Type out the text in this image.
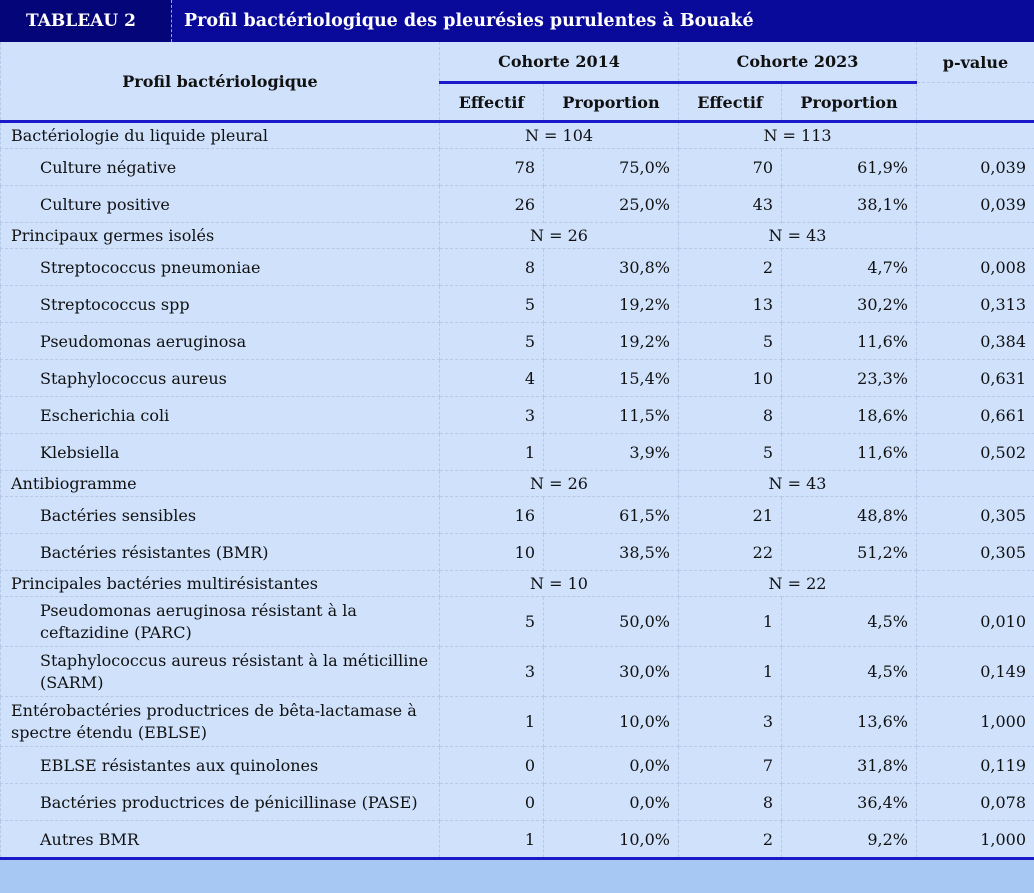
TABLEAU 2	Profil bactériologique des pleurésies purulentes à Bouaké
Profil bactériologique	Cohorte 2014		Cohorte 2023		p-value
	Effectif	Proportion	Effectif	Proportion	
Bactériologie du liquide pleural	N = 104		N = 113		
Culture négative	78	75,0%	70	61,9%	0,039
Culture positive	26	25,0%	43	38,1%	0,039
Principaux germes isolés	N = 26		N = 43		
Streptococcus pneumoniae	8	30,8%	2	4,7%	0,008
Streptococcus spp	5	19,2%	13	30,2%	0,313
Pseudomonas aeruginosa	5	19,2%	5	11,6%	0,384
Staphylococcus aureus	4	15,4%	10	23,3%	0,631
Escherichia coli	3	11,5%	8	18,6%	0,661
Klebsiella	1	3,9%	5	11,6%	0,502
Antibiogramme	N = 26		N = 43		
Bactéries sensibles	16	61,5%	21	48,8%	0,305
Bactéries résistantes (BMR)	10	38,5%	22	51,2%	0,305
Principales bactéries multirésistantes	N = 10		N = 22		
Pseudomonas aeruginosa résistant à la ceftazidine (PARC)	5	50,0%	1	4,5%	0,010
Staphylococcus aureus résistant à la méticilline (SARM)	3	30,0%	1	4,5%	0,149
Entérobactéries productrices de bêta-lactamase à spectre étendu (EBLSE)	1	10,0%	3	13,6%	1,000
EBLSE résistantes aux quinolones	0	0,0%	7	31,8%	0,119
Bactéries productrices de pénicillinase (PASE)	0	0,0%	8	36,4%	0,078
Autres BMR	1	10,0%	2	9,2%	1,000
